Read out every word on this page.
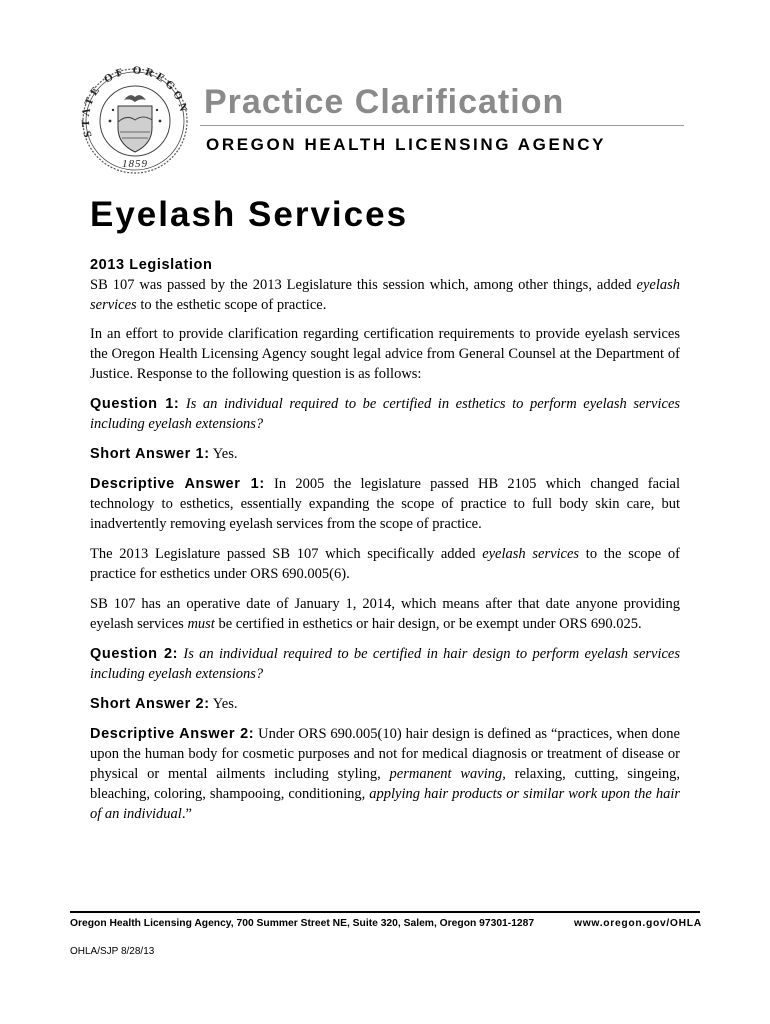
STATE OF OREGON
1859
Practice Clarification
OREGON HEALTH LICENSING AGENCY
Eyelash Services

2013 Legislation

SB 107 was passed by the 2013 Legislature this session which, among other things, added eyelash services to the esthetic scope of practice.

In an effort to provide clarification regarding certification requirements to provide eyelash services the Oregon Health Licensing Agency sought legal advice from General Counsel at the Department of Justice. Response to the following question is as follows:

Question 1: Is an individual required to be certified in esthetics to perform eyelash services including eyelash extensions?

Short Answer 1: Yes.

Descriptive Answer 1: In 2005 the legislature passed HB 2105 which changed facial technology to esthetics, essentially expanding the scope of practice to full body skin care, but inadvertently removing eyelash services from the scope of practice.

The 2013 Legislature passed SB 107 which specifically added eyelash services to the scope of practice for esthetics under ORS 690.005(6).

SB 107 has an operative date of January 1, 2014, which means after that date anyone providing eyelash services must be certified in esthetics or hair design, or be exempt under ORS 690.025.

Question 2: Is an individual required to be certified in hair design to perform eyelash services including eyelash extensions?

Short Answer 2: Yes.

Descriptive Answer 2: Under ORS 690.005(10) hair design is defined as “practices, when done upon the human body for cosmetic purposes and not for medical diagnosis or treatment of disease or physical or mental ailments including styling, permanent waving, relaxing, cutting, singeing, bleaching, coloring, shampooing, conditioning, applying hair products or similar work upon the hair of an individual.”

Oregon Health Licensing Agency, 700 Summer Street NE, Suite 320, Salem, Oregon 97301-1287	www.oregon.gov/OHLA
OHLA/SJP 8/28/13
